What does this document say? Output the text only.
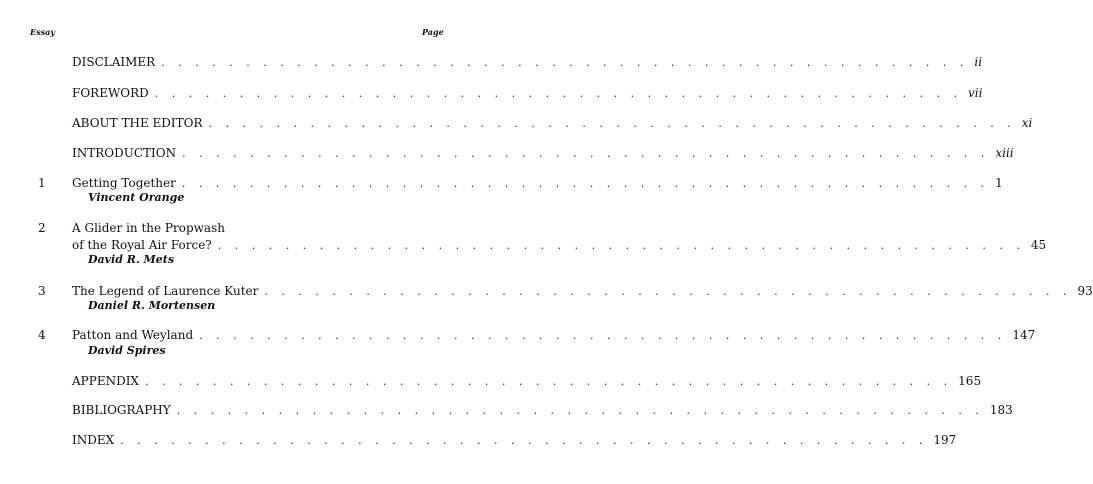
Essay	Page
DISCLAIMER . . . . . . . . . . . . . . . . . . . . . . . . . . . . . . . . . . . . . . . . . . . . . . . . ii
FOREWORD . . . . . . . . . . . . . . . . . . . . . . . . . . . . . . . . . . . . . . . . . . . . . . . . vii
ABOUT THE EDITOR . . . . . . . . . . . . . . . . . . . . . . . . . . . . . . . . . . . . . . . . . . . . . . . . xi
INTRODUCTION . . . . . . . . . . . . . . . . . . . . . . . . . . . . . . . . . . . . . . . . . . . . . . . . xiii
1 Getting Together . . . . . . . . . . . . . . . . . . . . . . . . . . . . . . . . . . . . . . . . . . . . . . . . 1
Vincent Orange
2 A Glider in the Propwash
of the Royal Air Force? . . . . . . . . . . . . . . . . . . . . . . . . . . . . . . . . . . . . . . . . . . . . . . . . 45
David R. Mets
3 The Legend of Laurence Kuter . . . . . . . . . . . . . . . . . . . . . . . . . . . . . . . . . . . . . . . . . . . . . . . . 93
Daniel R. Mortensen
4 Patton and Weyland . . . . . . . . . . . . . . . . . . . . . . . . . . . . . . . . . . . . . . . . . . . . . . . . 147
David Spires
APPENDIX . . . . . . . . . . . . . . . . . . . . . . . . . . . . . . . . . . . . . . . . . . . . . . . . 165
BIBLIOGRAPHY . . . . . . . . . . . . . . . . . . . . . . . . . . . . . . . . . . . . . . . . . . . . . . . . 183
INDEX . . . . . . . . . . . . . . . . . . . . . . . . . . . . . . . . . . . . . . . . . . . . . . . . 197
